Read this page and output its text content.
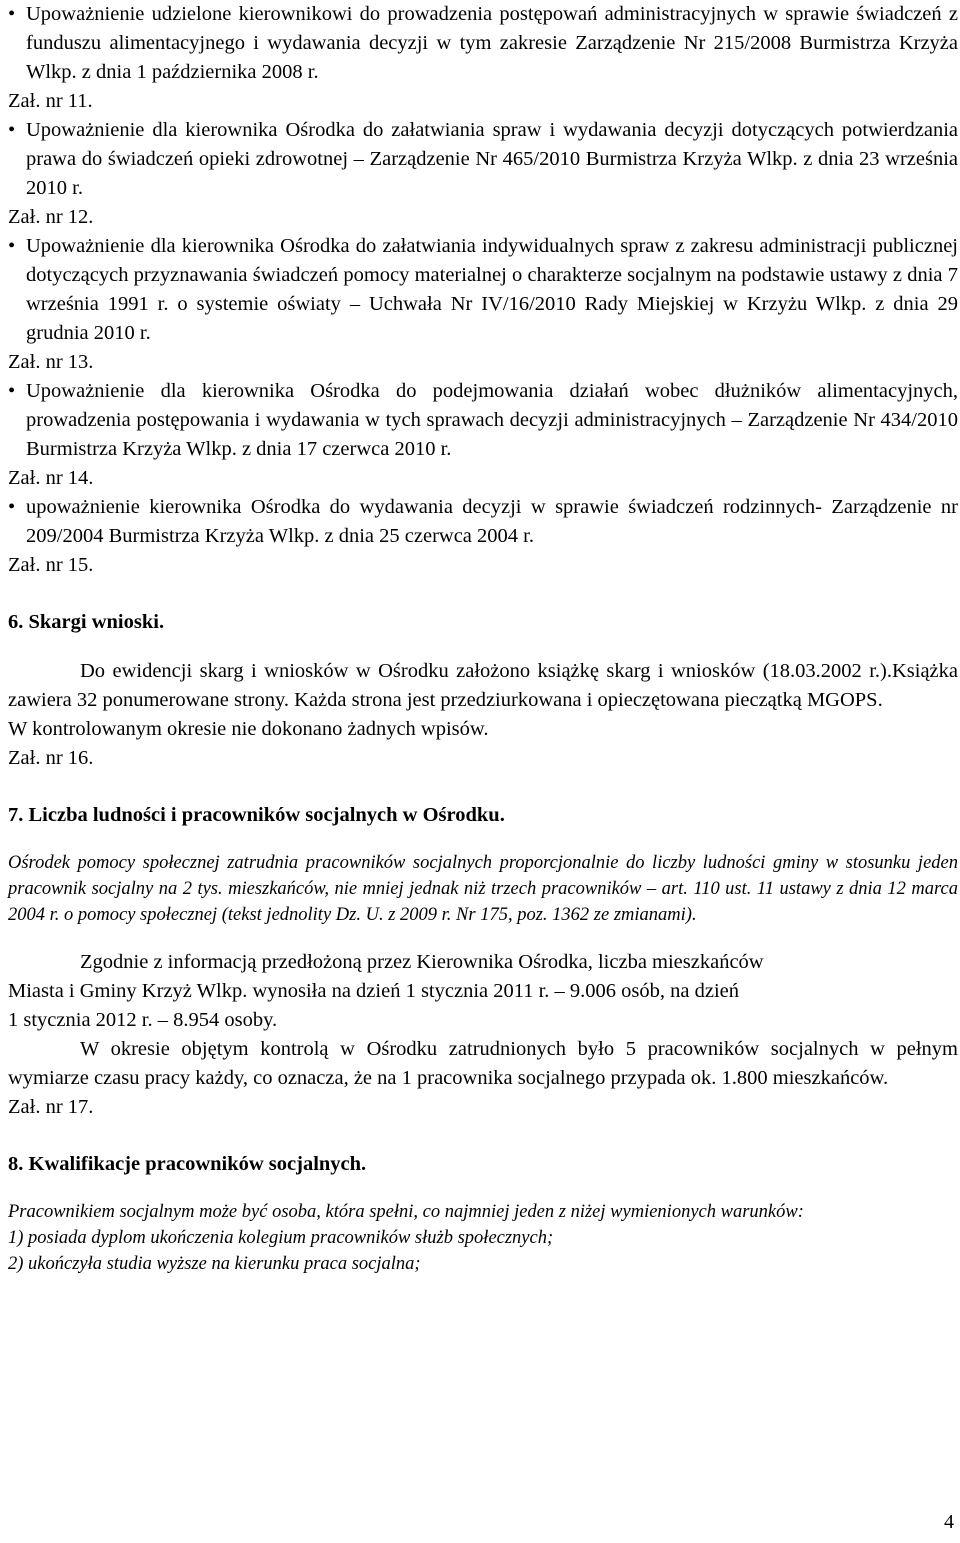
• Upoważnienie udzielone kierownikowi do prowadzenia postępowań administracyjnych w sprawie świadczeń z funduszu alimentacyjnego i wydawania decyzji w tym zakresie Zarządzenie Nr 215/2008 Burmistrza Krzyża Wlkp. z dnia 1 października 2008 r.

Zał. nr 11.

• Upoważnienie dla kierownika Ośrodka do załatwiania spraw i wydawania decyzji dotyczących potwierdzania prawa do świadczeń opieki zdrowotnej – Zarządzenie Nr 465/2010 Burmistrza Krzyża Wlkp. z dnia 23 września 2010 r.

Zał. nr 12.

• Upoważnienie dla kierownika Ośrodka do załatwiania indywidualnych spraw z zakresu administracji publicznej dotyczących przyznawania świadczeń pomocy materialnej o charakterze socjalnym na podstawie ustawy z dnia 7 września 1991 r. o systemie oświaty – Uchwała Nr IV/16/2010 Rady Miejskiej w Krzyżu Wlkp. z dnia 29 grudnia 2010 r.

Zał. nr 13.

• Upoważnienie dla kierownika Ośrodka do podejmowania działań wobec dłużników alimentacyjnych, prowadzenia postępowania i wydawania w tych sprawach decyzji administracyjnych – Zarządzenie Nr 434/2010 Burmistrza Krzyża Wlkp. z dnia 17 czerwca 2010 r.

Zał. nr 14.

• upoważnienie kierownika Ośrodka do wydawania decyzji w sprawie świadczeń rodzinnych- Zarządzenie nr 209/2004 Burmistrza Krzyża Wlkp. z dnia 25 czerwca 2004 r.

Zał. nr 15.

6. Skargi wnioski.

Do ewidencji skarg i wniosków w Ośrodku założono książkę skarg i wniosków (18.03.2002 r.).Książka zawiera 32 ponumerowane strony. Każda strona jest przedziurkowana i opieczętowana pieczątką MGOPS.

W kontrolowanym okresie nie dokonano żadnych wpisów.

Zał. nr 16.

7. Liczba ludności i pracowników socjalnych w Ośrodku.

Ośrodek pomocy społecznej zatrudnia pracowników socjalnych proporcjonalnie do liczby ludności gminy w stosunku jeden pracownik socjalny na 2 tys. mieszkańców, nie mniej jednak niż trzech pracowników – art. 110 ust. 11 ustawy z dnia 12 marca 2004 r. o pomocy społecznej (tekst jednolity Dz. U. z 2009 r. Nr 175, poz. 1362 ze zmianami).

Zgodnie z informacją przedłożoną przez Kierownika Ośrodka, liczba mieszkańców

Miasta i Gminy Krzyż Wlkp. wynosiła na dzień 1 stycznia 2011 r. – 9.006 osób, na dzień

1 stycznia 2012 r. – 8.954 osoby.

W okresie objętym kontrolą w Ośrodku zatrudnionych było 5 pracowników socjalnych w pełnym wymiarze czasu pracy każdy, co oznacza, że na 1 pracownika socjalnego przypada ok. 1.800 mieszkańców.

Zał. nr 17.

8. Kwalifikacje pracowników socjalnych.

Pracownikiem socjalnym może być osoba, która spełni, co najmniej jeden z niżej wymienionych warunków:

1) posiada dyplom ukończenia kolegium pracowników służb społecznych;

2) ukończyła studia wyższe na kierunku praca socjalna;

4
